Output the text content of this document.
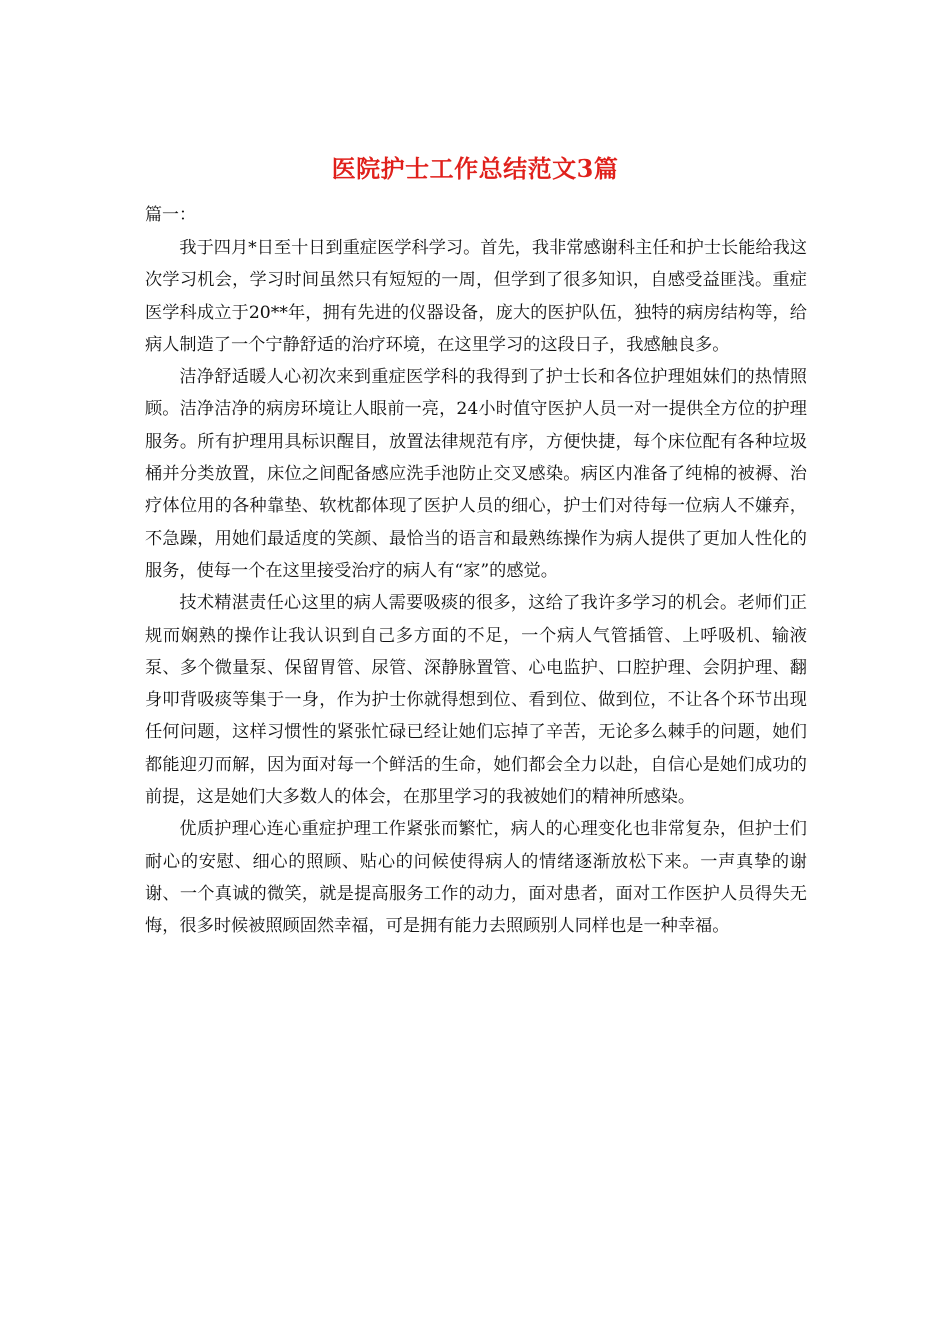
医院护士工作总结范文3篇
篇一：

我于四月*日至十日到重症医学科学习。首先，我非常感谢科主任和护士长能给我这次学习机会，学习时间虽然只有短短的一周，但学到了很多知识，自感受益匪浅。重症医学科成立于20**年，拥有先进的仪器设备，庞大的医护队伍，独特的病房结构等，给病人制造了一个宁静舒适的治疗环境，在这里学习的这段日子，我感触良多。

洁净舒适暖人心初次来到重症医学科的我得到了护士长和各位护理姐妹们的热情照顾。洁净洁净的病房环境让人眼前一亮，24小时值守医护人员一对一提供全方位的护理服务。所有护理用具标识醒目，放置法律规范有序，方便快捷，每个床位配有各种垃圾桶并分类放置，床位之间配备感应洗手池防止交叉感染。病区内准备了纯棉的被褥、治疗体位用的各种靠垫、软枕都体现了医护人员的细心，护士们对待每一位病人不嫌弃，不急躁，用她们最适度的笑颜、最恰当的语言和最熟练操作为病人提供了更加人性化的服务，使每一个在这里接受治疗的病人有“家”的感觉。

技术精湛责任心这里的病人需要吸痰的很多，这给了我许多学习的机会。老师们正规而娴熟的操作让我认识到自己多方面的不足，一个病人气管插管、上呼吸机、输液泵、多个微量泵、保留胃管、尿管、深静脉置管、心电监护、口腔护理、会阴护理、翻身叩背吸痰等集于一身，作为护士你就得想到位、看到位、做到位，不让各个环节出现任何问题，这样习惯性的紧张忙碌已经让她们忘掉了辛苦，无论多么棘手的问题，她们都能迎刃而解，因为面对每一个鲜活的生命，她们都会全力以赴，自信心是她们成功的前提，这是她们大多数人的体会，在那里学习的我被她们的精神所感染。

优质护理心连心重症护理工作紧张而繁忙，病人的心理变化也非常复杂，但护士们耐心的安慰、细心的照顾、贴心的问候使得病人的情绪逐渐放松下来。一声真挚的谢谢、一个真诚的微笑，就是提高服务工作的动力，面对患者，面对工作医护人员得失无悔，很多时候被照顾固然幸福，可是拥有能力去照顾别人同样也是一种幸福。
